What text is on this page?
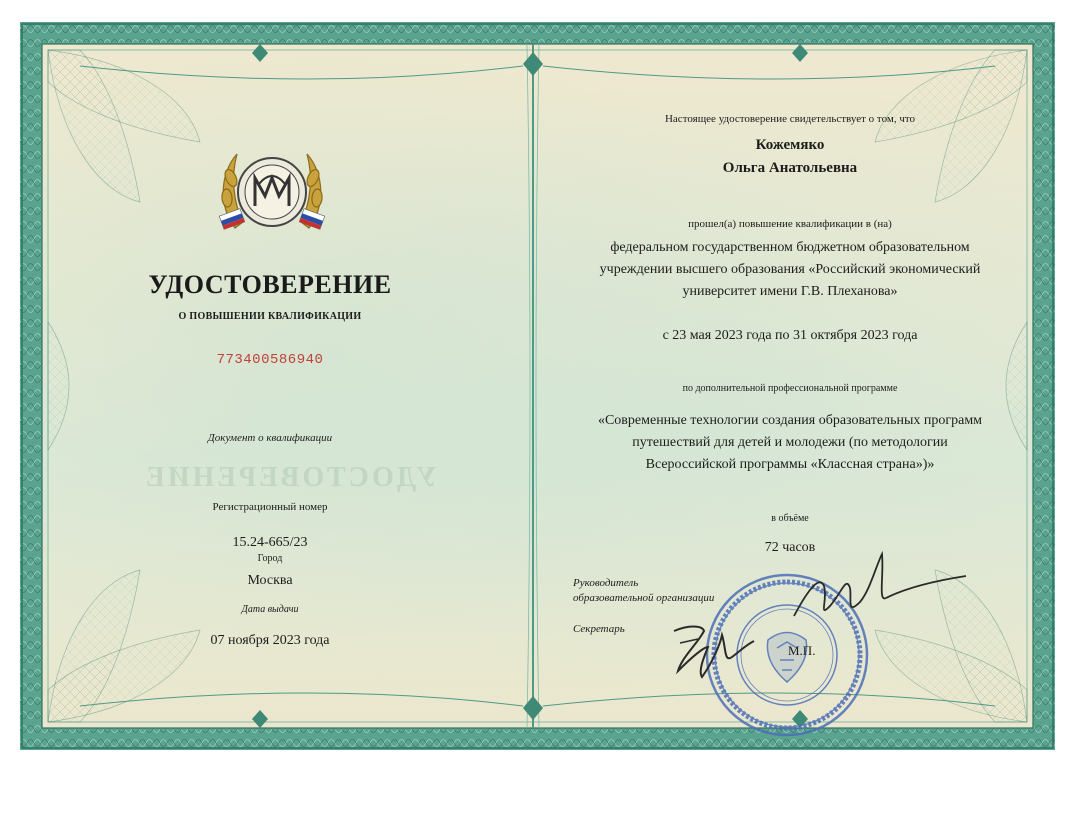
УДОСТОВЕРЕНИЕ
УДОСТОВЕРЕНИЕ
О ПОВЫШЕНИИ КВАЛИФИКАЦИИ
773400586940
Документ о квалификации
Регистрационный номер
15.24-665/23
Город
Москва
Дата выдачи
07 ноября 2023 года
Настоящее удостоверение свидетельствует о том, что
Кожемяко
Ольга Анатольевна
прошел(а) повышение квалификации в (на)
федеральном государственном бюджетном образовательном
учреждении высшего образования «Российский экономический
университет имени Г.В. Плеханова»
с 23 мая 2023 года по 31 октября 2023 года
по дополнительной профессиональной программе
«Современные технологии создания образовательных программ
путешествий для детей и молодежи (по методологии
Всероссийской программы «Классная страна»)»
в объёме
72 часов
Руководитель
образовательной организации
Секретарь
М.П.
